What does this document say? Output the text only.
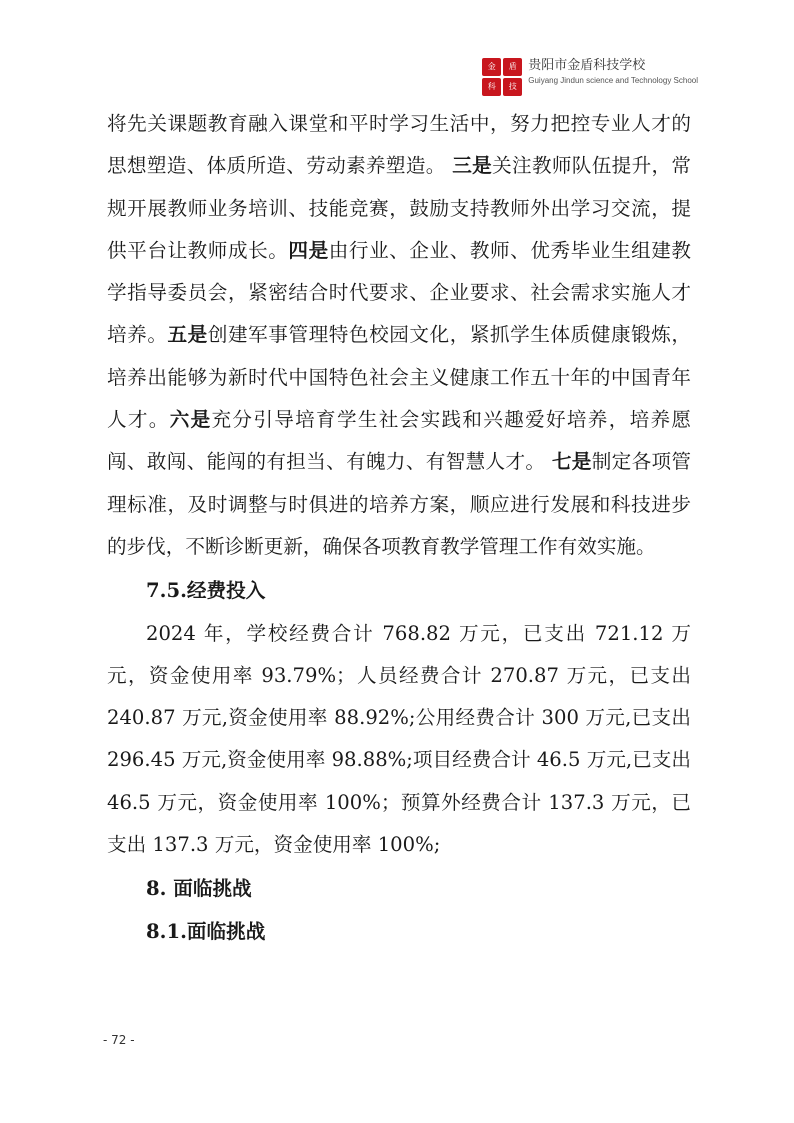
金	盾
科	技
贵阳市金盾科技学校
Guiyang Jindun science and Technology School

将先关课题教育融入课堂和平时学习生活中，努力把控专业人才的思想塑造、体质所造、劳动素养塑造。 三是关注教师队伍提升，常规开展教师业务培训、技能竞赛，鼓励支持教师外出学习交流，提供平台让教师成长。四是由行业、企业、教师、优秀毕业生组建教学指导委员会，紧密结合时代要求、企业要求、社会需求实施人才培养。五是创建军事管理特色校园文化，紧抓学生体质健康锻炼，培养出能够为新时代中国特色社会主义健康工作五十年的中国青年人才。六是充分引导培育学生社会实践和兴趣爱好培养，培养愿闯、敢闯、能闯的有担当、有魄力、有智慧人才。 七是制定各项管理标准，及时调整与时俱进的培养方案，顺应进行发展和科技进步的步伐，不断诊断更新，确保各项教育教学管理工作有效实施。

7.5.经费投入

2024 年，学校经费合计 768.82 万元，已支出 721.12 万元，资金使用率 93.79%；人员经费合计 270.87 万元，已支出 240.87 万元,资金使用率 88.92%;公用经费合计 300 万元,已支出 296.45 万元,资金使用率 98.88%;项目经费合计 46.5 万元,已支出 46.5 万元，资金使用率 100%；预算外经费合计 137.3 万元，已支出 137.3 万元，资金使用率 100%;

8. 面临挑战
8.1.面临挑战
- 72 -
